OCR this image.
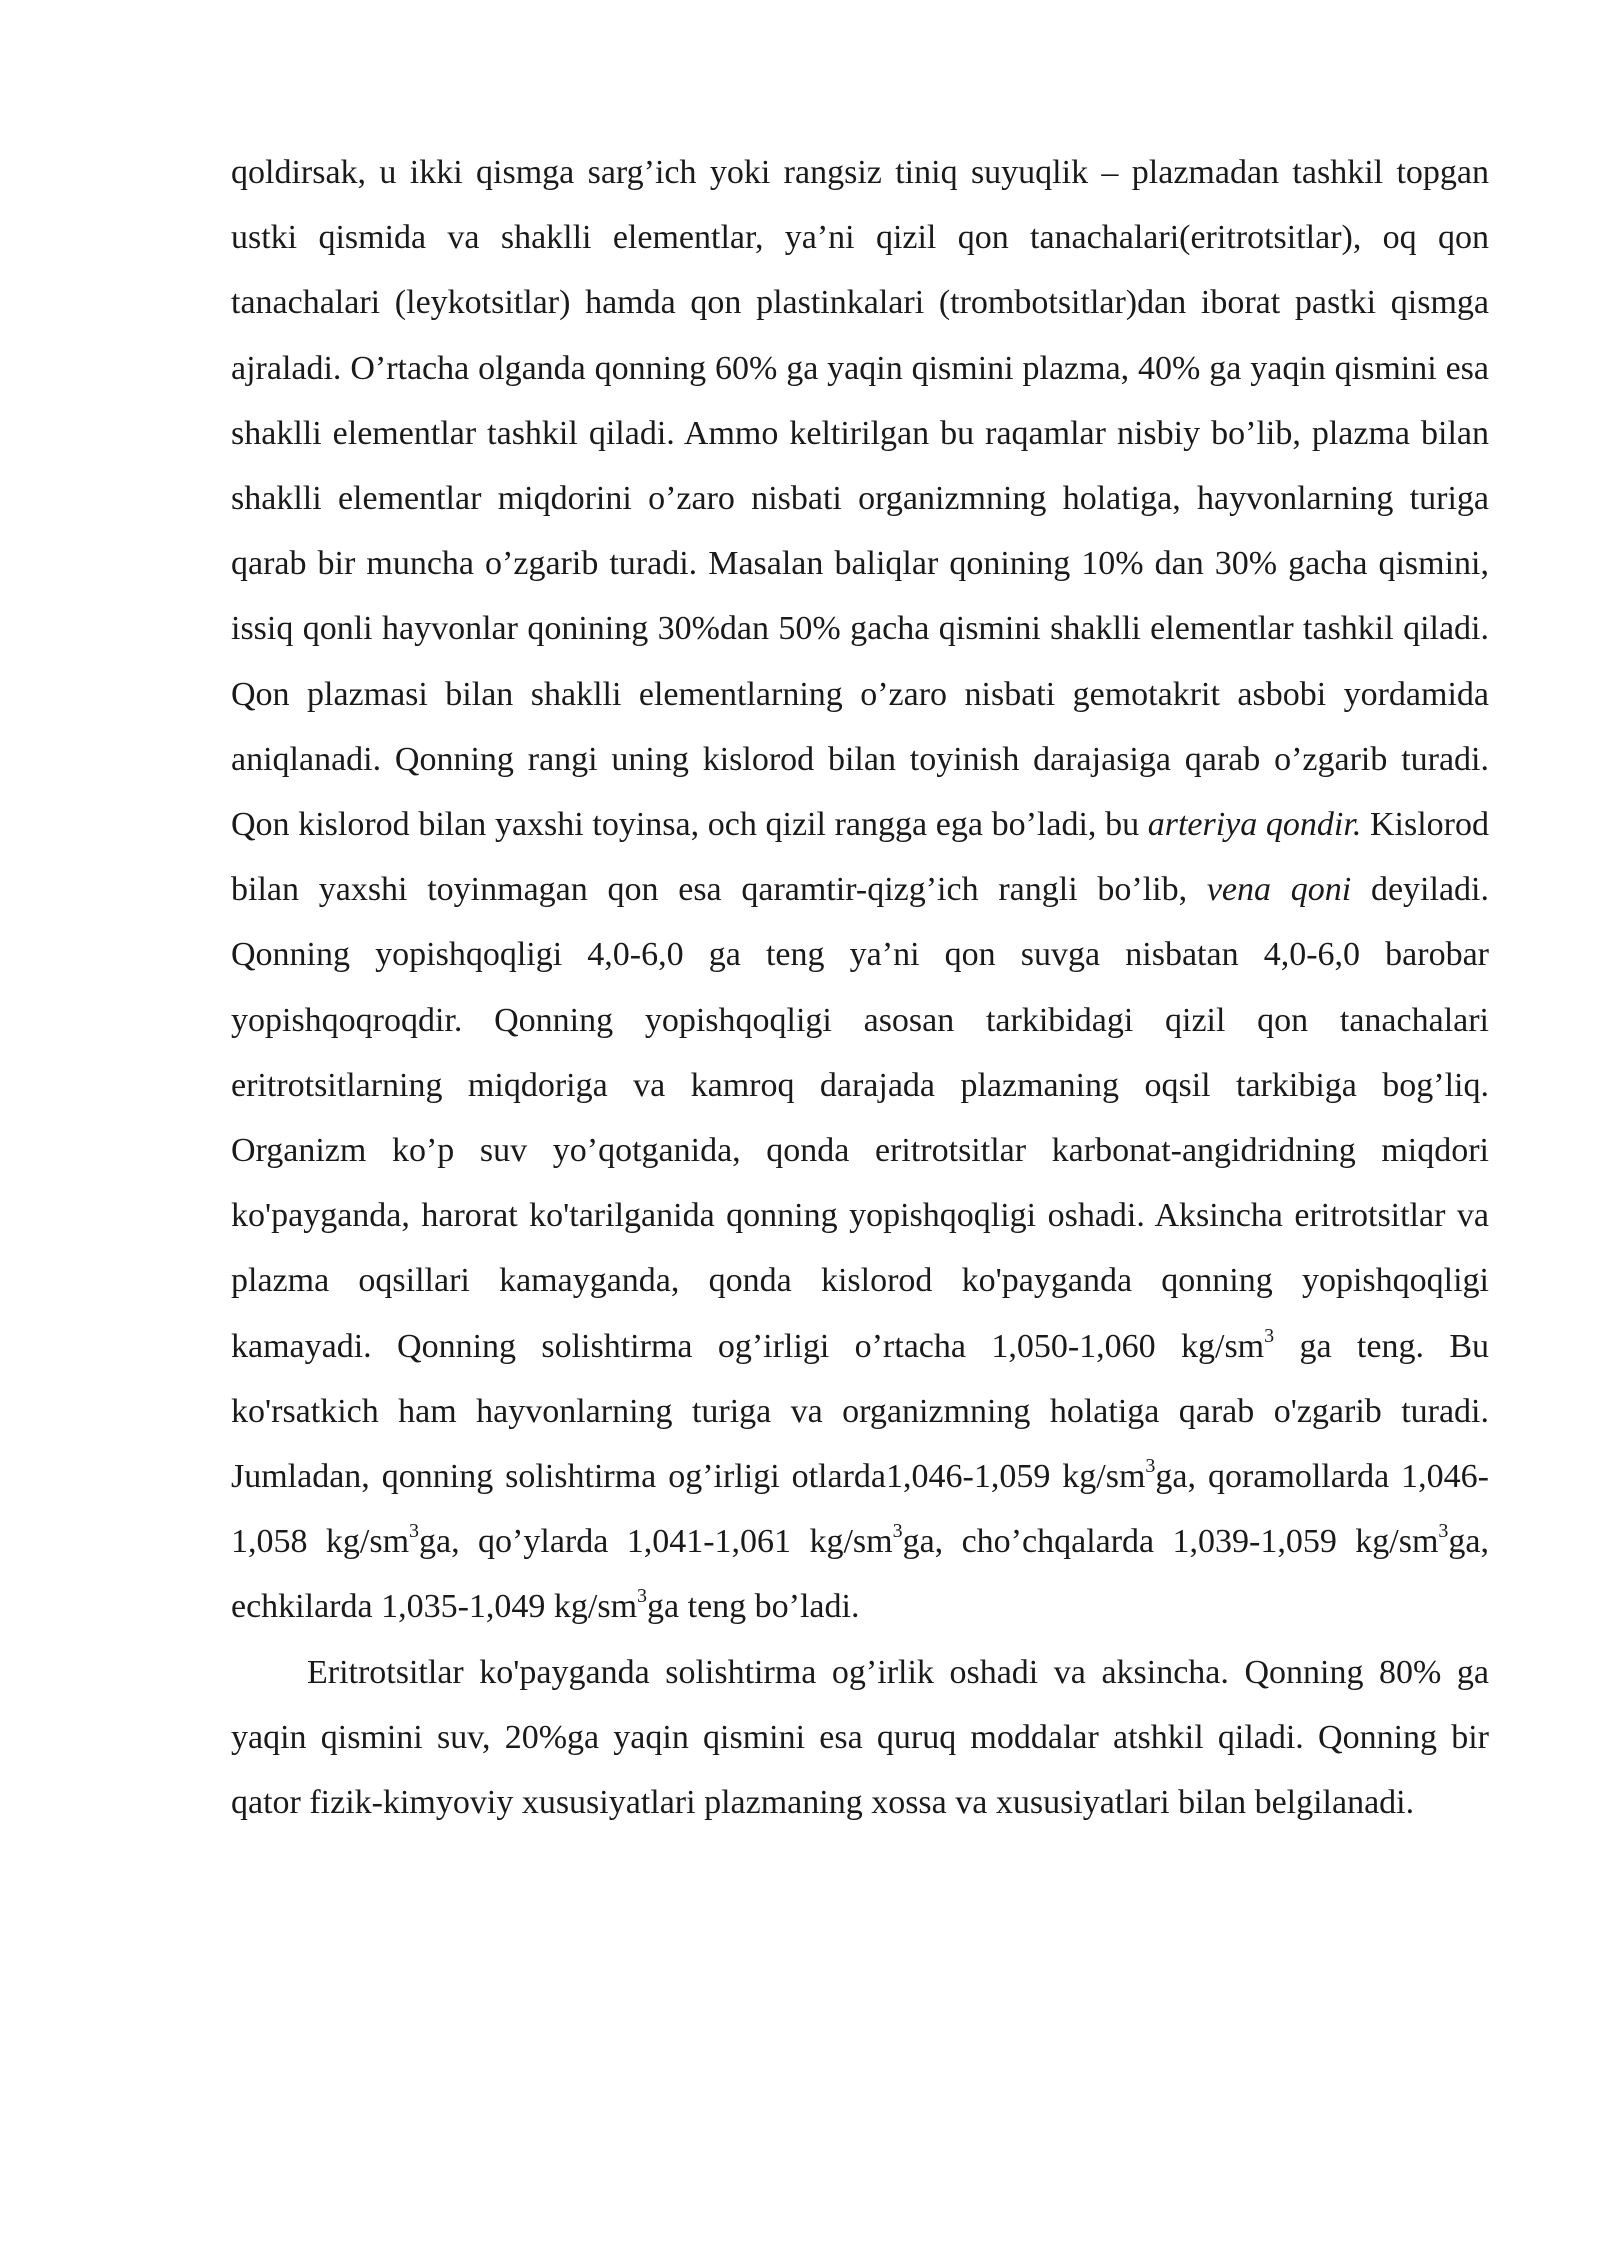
qoldirsak, u ikki qismga sarg’ich yoki rangsiz tiniq suyuqlik – plazmadan tashkil topgan ustki qismida va shaklli elementlar, ya’ni qizil qon tanachalari(eritrotsitlar), oq qon tanachalari (leykotsitlar) hamda qon plastinkalari (trombotsitlar)dan iborat pastki qismga ajraladi. O’rtacha olganda qonning 60% ga yaqin qismini plazma, 40% ga yaqin qismini esa shaklli elementlar tashkil qiladi. Ammo keltirilgan bu raqamlar nisbiy bo’lib, plazma bilan shaklli elementlar miqdorini o’zaro nisbati organizmning holatiga, hayvonlarning turiga qarab bir muncha o’zgarib turadi. Masalan baliqlar qonining 10% dan 30% gacha qismini, issiq qonli hayvonlar qonining 30%dan 50% gacha qismini shaklli elementlar tashkil qiladi. Qon plazmasi bilan shaklli elementlarning o’zaro nisbati gemotakrit asbobi yordamida aniqlanadi. Qonning rangi uning kislorod bilan toyinish darajasiga qarab o’zgarib turadi. Qon kislorod bilan yaxshi toyinsa, och qizil rangga ega bo’ladi, bu arteriya qondir. Kislorod bilan yaxshi toyinmagan qon esa qaramtir-qizg’ich rangli bo’lib, vena qoni deyiladi. Qonning yopishqoqligi 4,0-6,0 ga teng ya’ni qon suvga nisbatan 4,0-6,0 barobar yopishqoqroqdir. Qonning yopishqoqligi asosan tarkibidagi qizil qon tanachalari eritrotsitlarning miqdoriga va kamroq darajada plazmaning oqsil tarkibiga bog’liq. Organizm ko’p suv yo’qotganida, qonda eritrotsitlar karbonat-angidridning miqdori ko'payganda, harorat ko'tarilganida qonning yopishqoqligi oshadi. Aksincha eritrotsitlar va plazma oqsillari kamayganda, qonda kislorod ko'payganda qonning yopishqoqligi kamayadi. Qonning solishtirma og’irligi o’rtacha 1,050-1,060 $kg/sm^3$ ga teng. Bu ko'rsatkich ham hayvonlarning turiga va organizmning holatiga qarab o'zgarib turadi. Jumladan, qonning solishtirma og’irligi otlarda1,046-1,059 $kg/sm^3ga$, qoramollarda 1,046-1,058 $kg/sm^3ga$, qo’ylarda 1,041-1,061 $kg/sm^3ga$, cho’chqalarda 1,039-1,059 $kg/sm^3ga$, echkilarda 1,035-1,049 $kg/sm^3ga$ teng bo’ladi.

Eritrotsitlar ko'payganda solishtirma og’irlik oshadi va aksincha. Qonning 80% ga yaqin qismini suv, 20%ga yaqin qismini esa quruq moddalar atshkil qiladi. Qonning bir qator fizik-kimyoviy xususiyatlari plazmaning xossa va xususiyatlari bilan belgilanadi.
